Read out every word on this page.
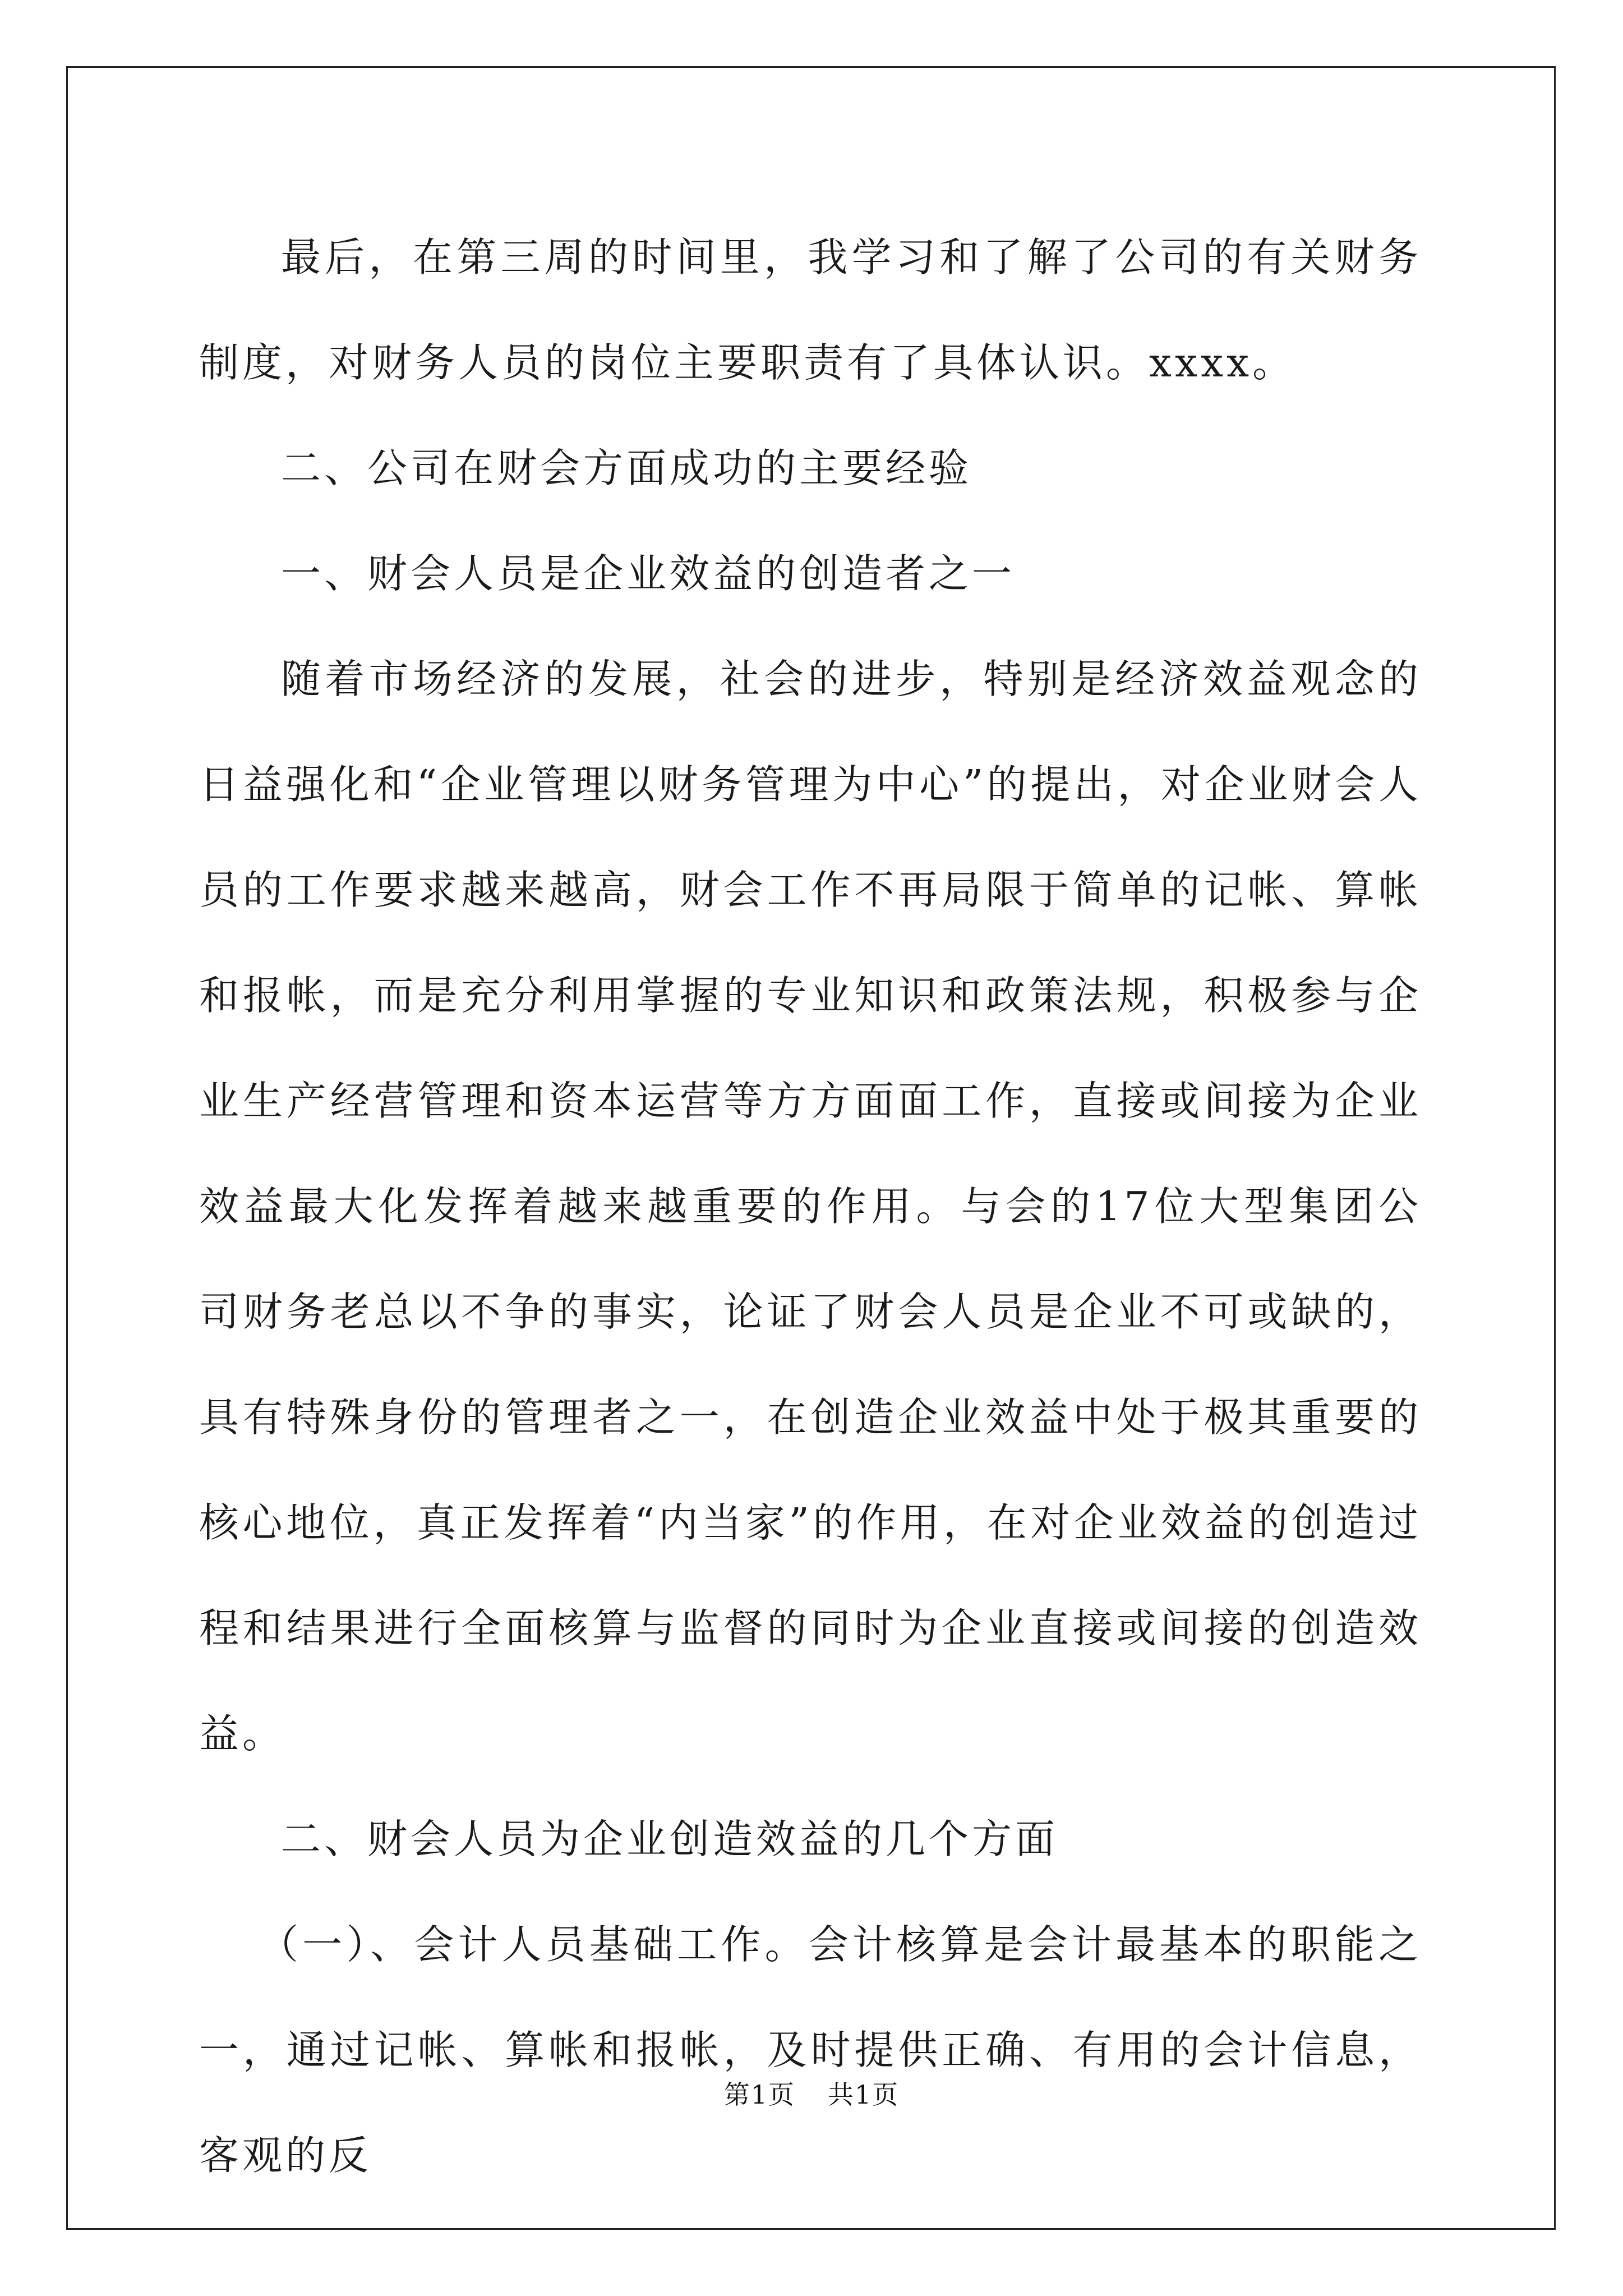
最后，在第三周的时间里，我学习和了解了公司的有关财务制度，对财务人员的岗位主要职责有了具体认识。xxxx。

二、公司在财会方面成功的主要经验

一、财会人员是企业效益的创造者之一

随着市场经济的发展，社会的进步，特别是经济效益观念的日益强化和“企业管理以财务管理为中心”的提出，对企业财会人员的工作要求越来越高，财会工作不再局限于简单的记帐、算帐和报帐，而是充分利用掌握的专业知识和政策法规，积极参与企业生产经营管理和资本运营等方方面面工作，直接或间接为企业效益最大化发挥着越来越重要的作用。与会的17位大型集团公司财务老总以不争的事实，论证了财会人员是企业不可或缺的，具有特殊身份的管理者之一，在创造企业效益中处于极其重要的核心地位，真正发挥着“内当家”的作用，在对企业效益的创造过程和结果进行全面核算与监督的同时为企业直接或间接的创造效益。

二、财会人员为企业创造效益的几个方面

（一）、会计人员基础工作。会计核算是会计最基本的职能之一，通过记帐、算帐和报帐，及时提供正确、有用的会计信息，客观的反

第1页 共1页
